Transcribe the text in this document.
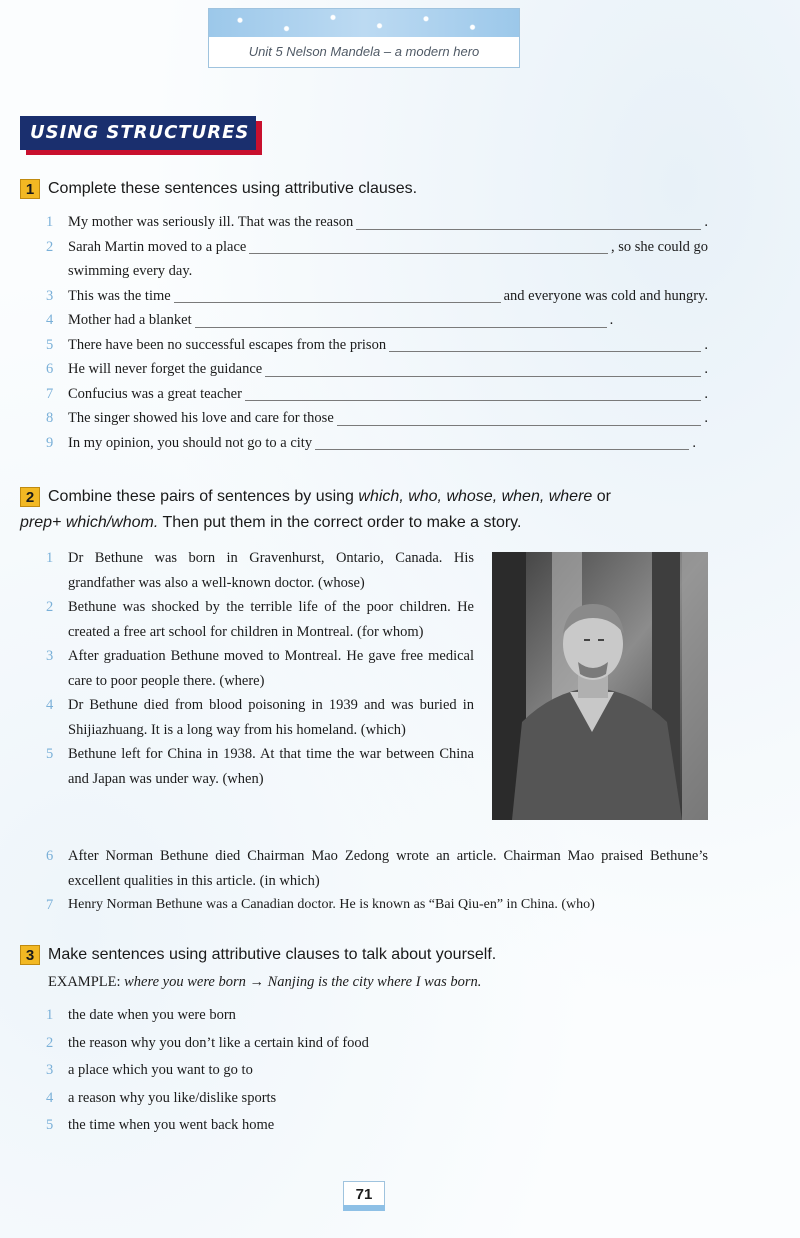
Unit 5 Nelson Mandela – a modern hero
USING STRUCTURES
1 Complete these sentences using attributive clauses.
1	My mother was seriously ill. That was the reason	.
2	Sarah Martin moved to a place	, so she could go
swimming every day.
3	This was the time	and everyone was cold and hungry.
4	Mother had a blanket	.
5	There have been no successful escapes from the prison	.
6	He will never forget the guidance	.
7	Confucius was a great teacher	.
8	The singer showed his love and care for those	.
9	In my opinion, you should not go to a city	.
2 Combine these pairs of sentences by using which, who, whose, when, where or
prep+ which/whom. Then put them in the correct order to make a story.
1	Dr Bethune was born in Gravenhurst, Ontario, Canada. His grandfather was also a well-known doctor. (whose)
2	Bethune was shocked by the terrible life of the poor children. He created a free art school for children in Montreal. (for whom)
3	After graduation Bethune moved to Montreal. He gave free medical care to poor people there. (where)
4	Dr Bethune died from blood poisoning in 1939 and was buried in Shijiazhuang. It is a long way from his homeland. (which)
5	Bethune left for China in 1938. At that time the war between China and Japan was under way. (when)
6	After Norman Bethune died Chairman Mao Zedong wrote an article. Chairman Mao praised Bethune’s excellent qualities in this article. (in which)
7	Henry Norman Bethune was a Canadian doctor. He is known as “Bai Qiu-en” in China. (who)
3 Make sentences using attributive clauses to talk about yourself.
EXAMPLE: where you were born → Nanjing is the city where I was born.
1	the date when you were born
2	the reason why you don’t like a certain kind of food
3	a place which you want to go to
4	a reason why you like/dislike sports
5	the time when you went back home
71
